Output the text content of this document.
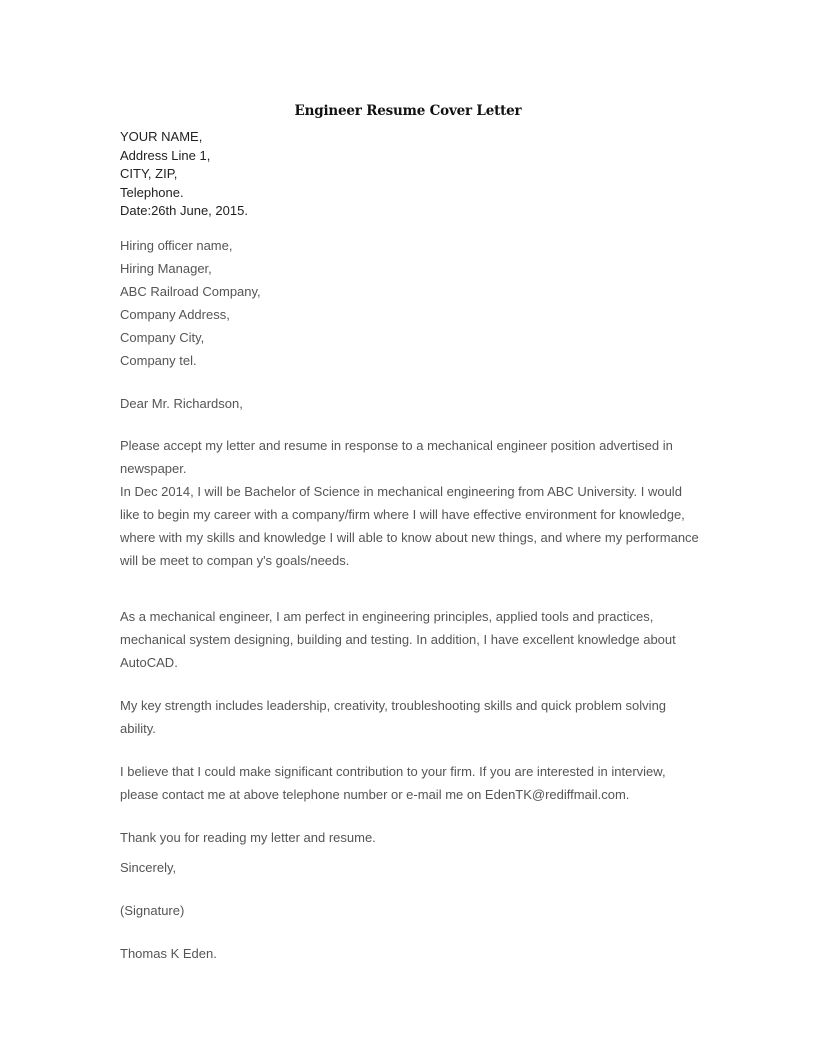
Engineer Resume Cover Letter
YOUR NAME,
Address Line 1,
CITY, ZIP,
Telephone.
Date:26th June, 2015.
Hiring officer name,
Hiring Manager,
ABC Railroad Company,
Company Address,
Company City,
Company tel.
Dear Mr. Richardson,

Please accept my letter and resume in response to a mechanical engineer position advertised in newspaper.

In Dec 2014, I will be Bachelor of Science in mechanical engineering from ABC University. I would like to begin my career with a company/firm where I will have effective environment for knowledge, where with my skills and knowledge I will able to know about new things, and where my performance will be meet to compan y's goals/needs.

As a mechanical engineer, I am perfect in engineering principles, applied tools and practices, mechanical system designing, building and testing. In addition, I have excellent knowledge about AutoCAD.

My key strength includes leadership, creativity, troubleshooting skills and quick problem solving ability.

I believe that I could make significant contribution to your firm. If you are interested in interview, please contact me at above telephone number or e-mail me on EdenTK@rediffmail.com.

Thank you for reading my letter and resume.

Sincerely,
(Signature)
Thomas K Eden.
